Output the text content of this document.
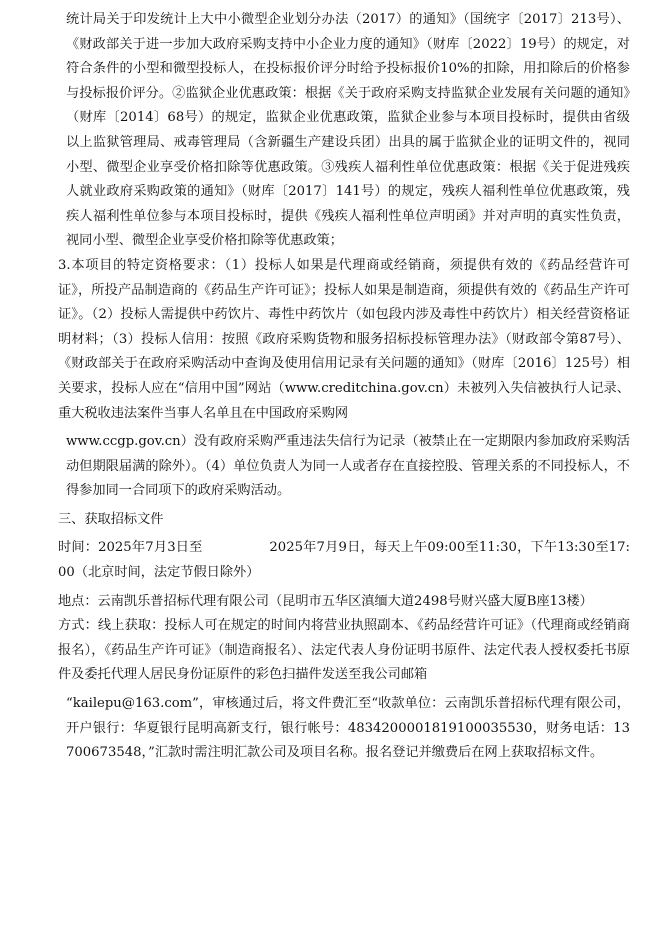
统计局关于印发统计上大中小微型企业划分办法（2017）的通知》（国统字〔2017〕213号）、《财政部关于进一步加大政府采购支持中小企业力度的通知》（财库〔2022〕19号）的规定，对符合条件的小型和微型投标人，在投标报价评分时给予投标报价10%的扣除，用扣除后的价格参与投标报价评分。②监狱企业优惠政策：根据《关于政府采购支持监狱企业发展有关问题的通知》（财库〔2014〕68号）的规定，监狱企业优惠政策，监狱企业参与本项目投标时，提供由省级以上监狱管理局、戒毒管理局（含新疆生产建设兵团）出具的属于监狱企业的证明文件的，视同小型、微型企业享受价格扣除等优惠政策。③残疾人福利性单位优惠政策：根据《关于促进残疾人就业政府采购政策的通知》（财库〔2017〕141号）的规定，残疾人福利性单位优惠政策，残疾人福利性单位参与本项目投标时，提供《残疾人福利性单位声明函》并对声明的真实性负责，视同小型、微型企业享受价格扣除等优惠政策；

3.本项目的特定资格要求：（1）投标人如果是代理商或经销商，须提供有效的《药品经营许可证》，所投产品制造商的《药品生产许可证》；投标人如果是制造商，须提供有效的《药品生产许可证》。（2）投标人需提供中药饮片、毒性中药饮片（如包段内涉及毒性中药饮片）相关经营资格证明材料；（3）投标人信用：按照《政府采购货物和服务招标投标管理办法》（财政部令第87号）、《财政部关于在政府采购活动中查询及使用信用记录有关问题的通知》（财库〔2016〕125号）相关要求，投标人应在“信用中国”网站（www.creditchina.gov.cn）未被列入失信被执行人记录、重大税收违法案件当事人名单且在中国政府采购网

www.ccgp.gov.cn）没有政府采购严重违法失信行为记录（被禁止在一定期限内参加政府采购活动但期限届满的除外）。（4）单位负责人为同一人或者存在直接控股、管理关系的不同投标人，不得参加同一合同项下的政府采购活动。

三、获取招标文件

时间：2025年7月3日至　　　　　2025年7月9日，每天上午09:00至11:30，下午13:30至17:00（北京时间，法定节假日除外）

地点：云南凯乐普招标代理有限公司（昆明市五华区滇缅大道2498号财兴盛大厦B座13楼）

方式：线上获取：投标人可在规定的时间内将营业执照副本、《药品经营许可证》（代理商或经销商报名），《药品生产许可证》（制造商报名）、法定代表人身份证明书原件、法定代表人授权委托书原件及委托代理人居民身份证原件的彩色扫描件发送至我公司邮箱

“kailepu@163.com”，审核通过后，将文件费汇至“收款单位：云南凯乐普招标代理有限公司，开户银行：华夏银行昆明高新支行，银行帐号：4834200001819100035530，财务电话：13700673548，”汇款时需注明汇款公司及项目名称。报名登记并缴费后在网上获取招标文件。
